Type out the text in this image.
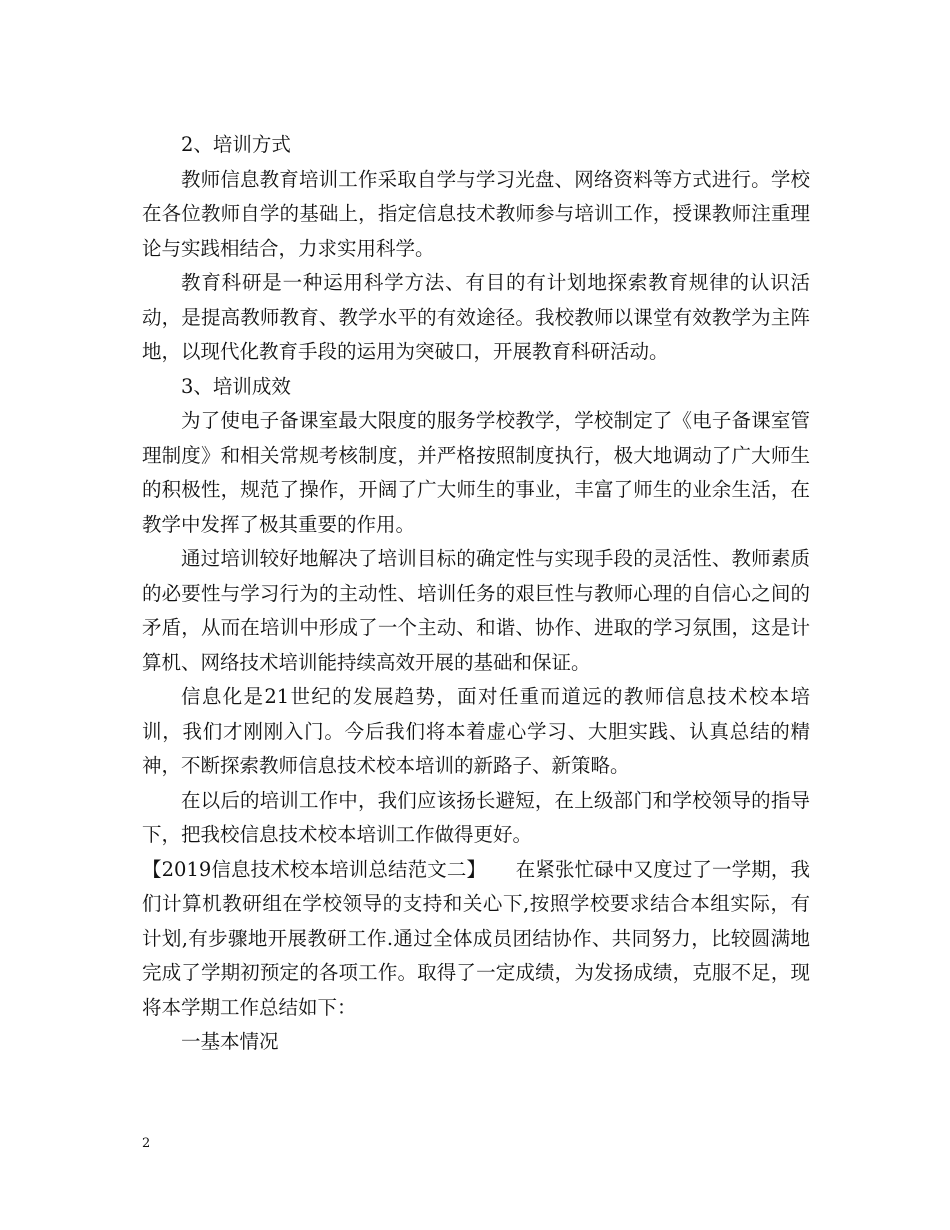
2、培训方式

教师信息教育培训工作采取自学与学习光盘、网络资料等方式进行。学校在各位教师自学的基础上，指定信息技术教师参与培训工作，授课教师注重理论与实践相结合，力求实用科学。

教育科研是一种运用科学方法、有目的有计划地探索教育规律的认识活动，是提高教师教育、教学水平的有效途径。我校教师以课堂有效教学为主阵地，以现代化教育手段的运用为突破口，开展教育科研活动。

3、培训成效

为了使电子备课室最大限度的服务学校教学，学校制定了《电子备课室管理制度》和相关常规考核制度，并严格按照制度执行，极大地调动了广大师生的积极性，规范了操作，开阔了广大师生的事业，丰富了师生的业余生活，在教学中发挥了极其重要的作用。

通过培训较好地解决了培训目标的确定性与实现手段的灵活性、教师素质的必要性与学习行为的主动性、培训任务的艰巨性与教师心理的自信心之间的矛盾，从而在培训中形成了一个主动、和谐、协作、进取的学习氛围，这是计算机、网络技术培训能持续高效开展的基础和保证。

信息化是21世纪的发展趋势，面对任重而道远的教师信息技术校本培训，我们才刚刚入门。今后我们将本着虚心学习、大胆实践、认真总结的精神，不断探索教师信息技术校本培训的新路子、新策略。

在以后的培训工作中，我们应该扬长避短，在上级部门和学校领导的指导下，把我校信息技术校本培训工作做得更好。

【2019信息技术校本培训总结范文二】　　在紧张忙碌中又度过了一学期，我们计算机教研组在学校领导的支持和关心下,按照学校要求结合本组实际，有计划,有步骤地开展教研工作.通过全体成员团结协作、共同努力，比较圆满地完成了学期初预定的各项工作。取得了一定成绩，为发扬成绩，克服不足，现将本学期工作总结如下：

一基本情况

2
